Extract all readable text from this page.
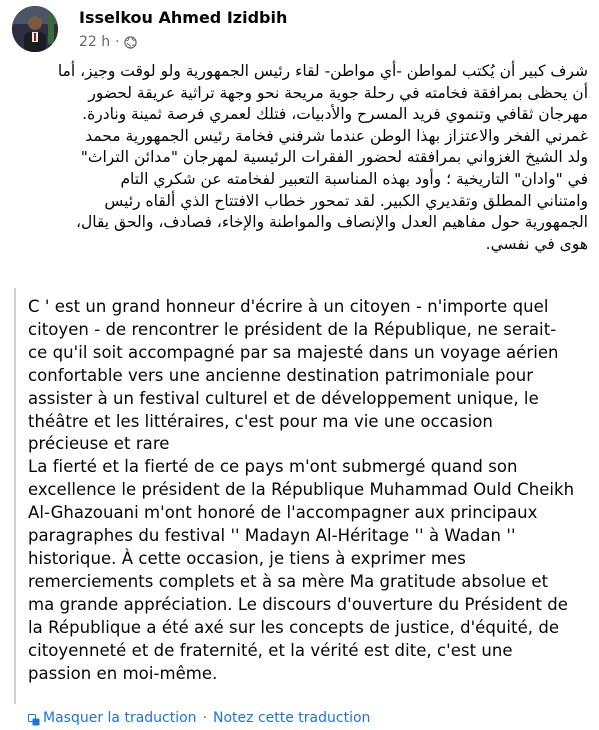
Isselkou Ahmed Izidbih
22 h ·
شرف كبير أن يُكتب لمواطن -أي مواطن- لقاء رئيس الجمهورية ولو لوقت وجيز، أما
أن يحظى بمرافقة فخامته في رحلة جوية مريحة نحو وجهة تراثية عريقة لحضور
مهرجان ثقافي وتنموي فريد المسرح والأدبيات، فتلك لعمري فرصة ثمينة ونادرة.
غمرني الفخر والاعتزاز بهذا الوطن عندما شرفني فخامة رئيس الجمهورية محمد
ولد الشيخ الغزواني بمرافقته لحضور الفقرات الرئيسية لمهرجان "مدائن التراث"
في "وادان" التاريخية ؛ وأود بهذه المناسبة التعبير لفخامته عن شكري التام
وامتناني المطلق وتقديري الكبير. لقد تمحور خطاب الافتتاح الذي ألقاه رئيس
الجمهورية حول مفاهيم العدل والإنصاف والمواطنة والإخاء، فصادف، والحق يقال،
هوى في نفسي.
C ' est un grand honneur d'écrire à un citoyen - n'importe quel
citoyen - de rencontrer le président de la République, ne serait-
ce qu'il soit accompagné par sa majesté dans un voyage aérien
confortable vers une ancienne destination patrimoniale pour
assister à un festival culturel et de développement unique, le
théâtre et les littéraires, c'est pour ma vie une occasion
précieuse et rare
La fierté et la fierté de ce pays m'ont submergé quand son
excellence le président de la République Muhammad Ould Cheikh
Al-Ghazouani m'ont honoré de l'accompagner aux principaux
paragraphes du festival '' Madayn Al-Héritage '' à Wadan ''
historique. À cette occasion, je tiens à exprimer mes
remerciements complets et à sa mère Ma gratitude absolue et
ma grande appréciation. Le discours d'ouverture du Président de
la République a été axé sur les concepts de justice, d'équité, de
citoyenneté et de fraternité, et la vérité est dite, c'est une
passion en moi-même.
Masquer la traduction · Notez cette traduction
